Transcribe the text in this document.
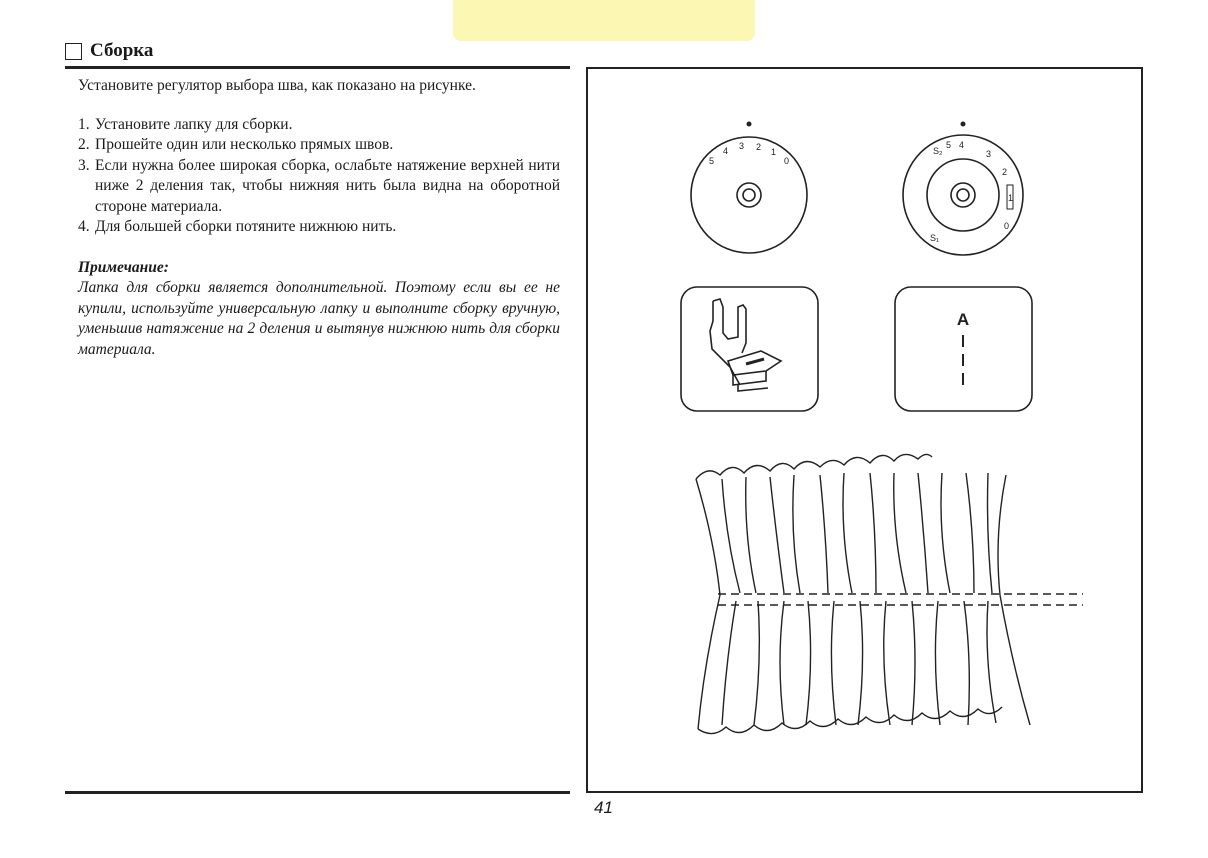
Сборка

Установите регулятор выбора шва, как показано на рисунке.

1. Установите лапку для сборки.
2. Прошейте один или несколько прямых швов.
3. Если нужна более широкая сборка, ослабьте натяжение верхней нити ниже 2 деления так, чтобы нижняя нить была видна на оборотной стороне материала.
4. Для большей сборки потяните нижнюю нить.
Примечание:
Лапка для сборки является дополнительной. Поэтому если вы ее не купили, используйте универсальную лапку и выполните сборку вручную, уменьшив натяжение на 2 деления и вытянув нижнюю нить для сборки материала.
5
4 3 2 1
0
S₂
5 4
3
2
1
0
S₁
A
41
